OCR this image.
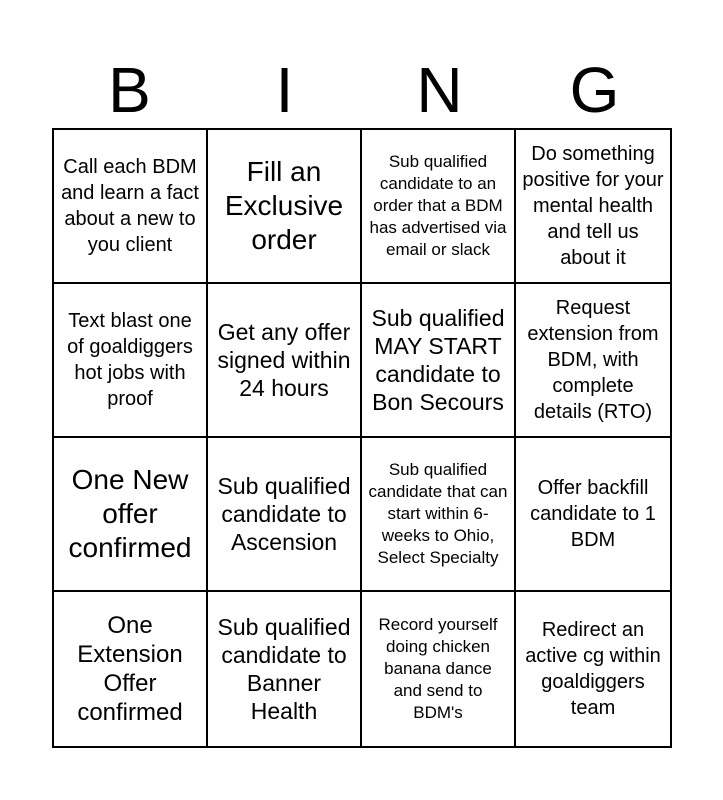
B	I	N	G
Call each BDM and learn a fact about a new to you client
Fill an Exclusive order
Sub qualified candidate to an order that a BDM has advertised via email or slack
Do something positive for your mental health and tell us about it
Text blast one of goaldiggers hot jobs with proof
Get any offer signed within 24 hours
Sub qualified MAY START candidate to Bon Secours
Request extension from BDM, with complete details (RTO)
One New offer confirmed
Sub qualified candidate to Ascension
Sub qualified candidate that can start within 6-weeks to Ohio, Select Specialty
Offer backfill candidate to 1 BDM
One Extension Offer confirmed
Sub qualified candidate to Banner Health
Record yourself doing chicken banana dance and send to BDM's
Redirect an active cg within goaldiggers team
